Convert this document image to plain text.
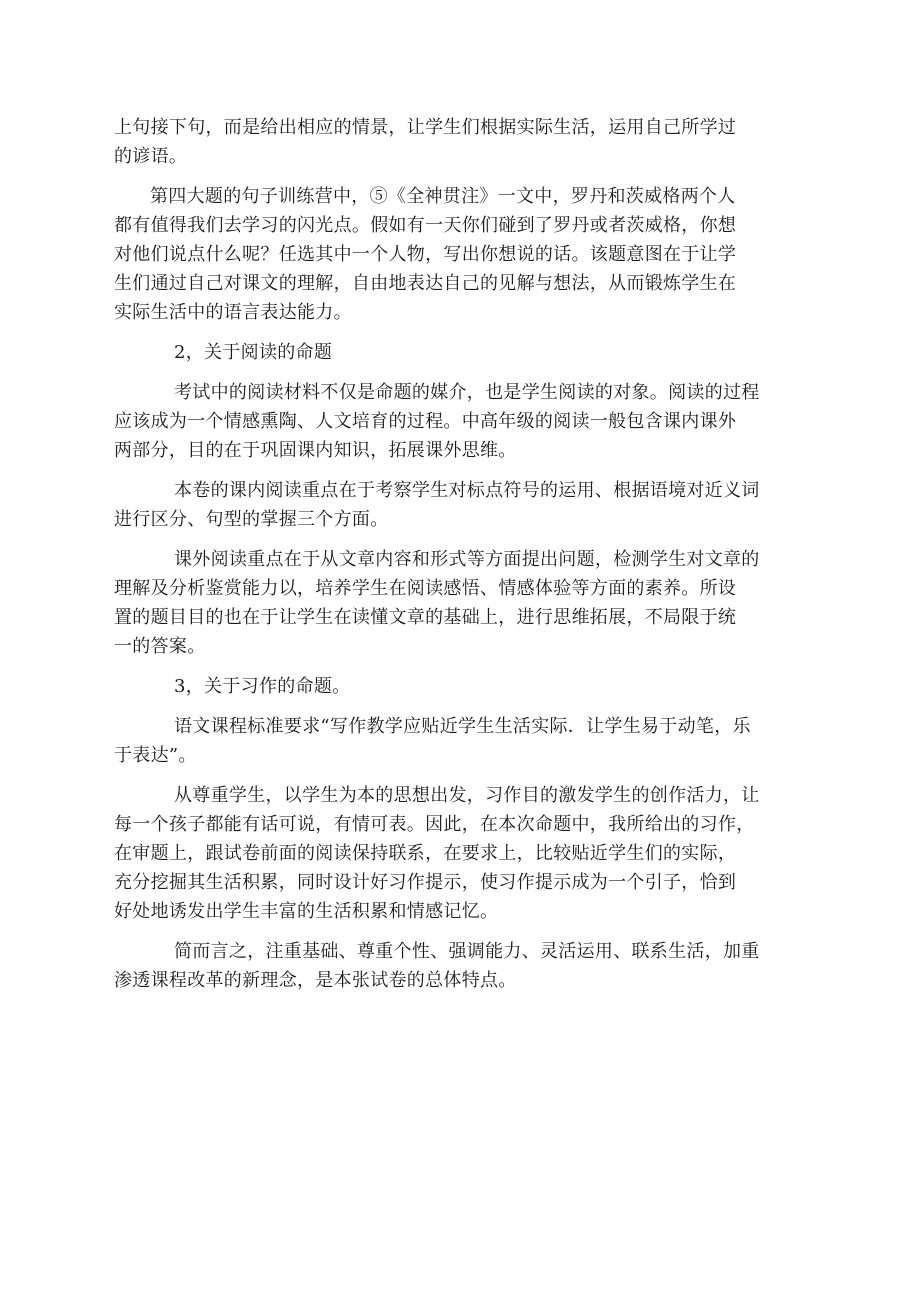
上句接下句，而是给出相应的情景，让学生们根据实际生活，运用自己所学过
的谚语。
第四大题的句子训练营中，⑤《全神贯注》一文中，罗丹和茨威格两个人
都有值得我们去学习的闪光点。假如有一天你们碰到了罗丹或者茨威格，你想
对他们说点什么呢？任选其中一个人物，写出你想说的话。该题意图在于让学
生们通过自己对课文的理解，自由地表达自己的见解与想法，从而锻炼学生在
实际生活中的语言表达能力。
2，关于阅读的命题
考试中的阅读材料不仅是命题的媒介，也是学生阅读的对象。阅读的过程
应该成为一个情感熏陶、人文培育的过程。中高年级的阅读一般包含课内课外
两部分，目的在于巩固课内知识，拓展课外思维。
本卷的课内阅读重点在于考察学生对标点符号的运用、根据语境对近义词
进行区分、句型的掌握三个方面。
课外阅读重点在于从文章内容和形式等方面提出问题，检测学生对文章的
理解及分析鉴赏能力以，培养学生在阅读感悟、情感体验等方面的素养。所设
置的题目目的也在于让学生在读懂文章的基础上，进行思维拓展，不局限于统
一的答案。
3，关于习作的命题。
语文课程标准要求“写作教学应贴近学生生活实际．让学生易于动笔，乐
于表达”。
从尊重学生，以学生为本的思想出发，习作目的激发学生的创作活力，让
每一个孩子都能有话可说，有情可表。因此，在本次命题中，我所给出的习作，
在审题上，跟试卷前面的阅读保持联系，在要求上，比较贴近学生们的实际，
充分挖掘其生活积累，同时设计好习作提示，使习作提示成为一个引子，恰到
好处地诱发出学生丰富的生活积累和情感记忆。
简而言之，注重基础、尊重个性、强调能力、灵活运用、联系生活，加重
渗透课程改革的新理念，是本张试卷的总体特点。
